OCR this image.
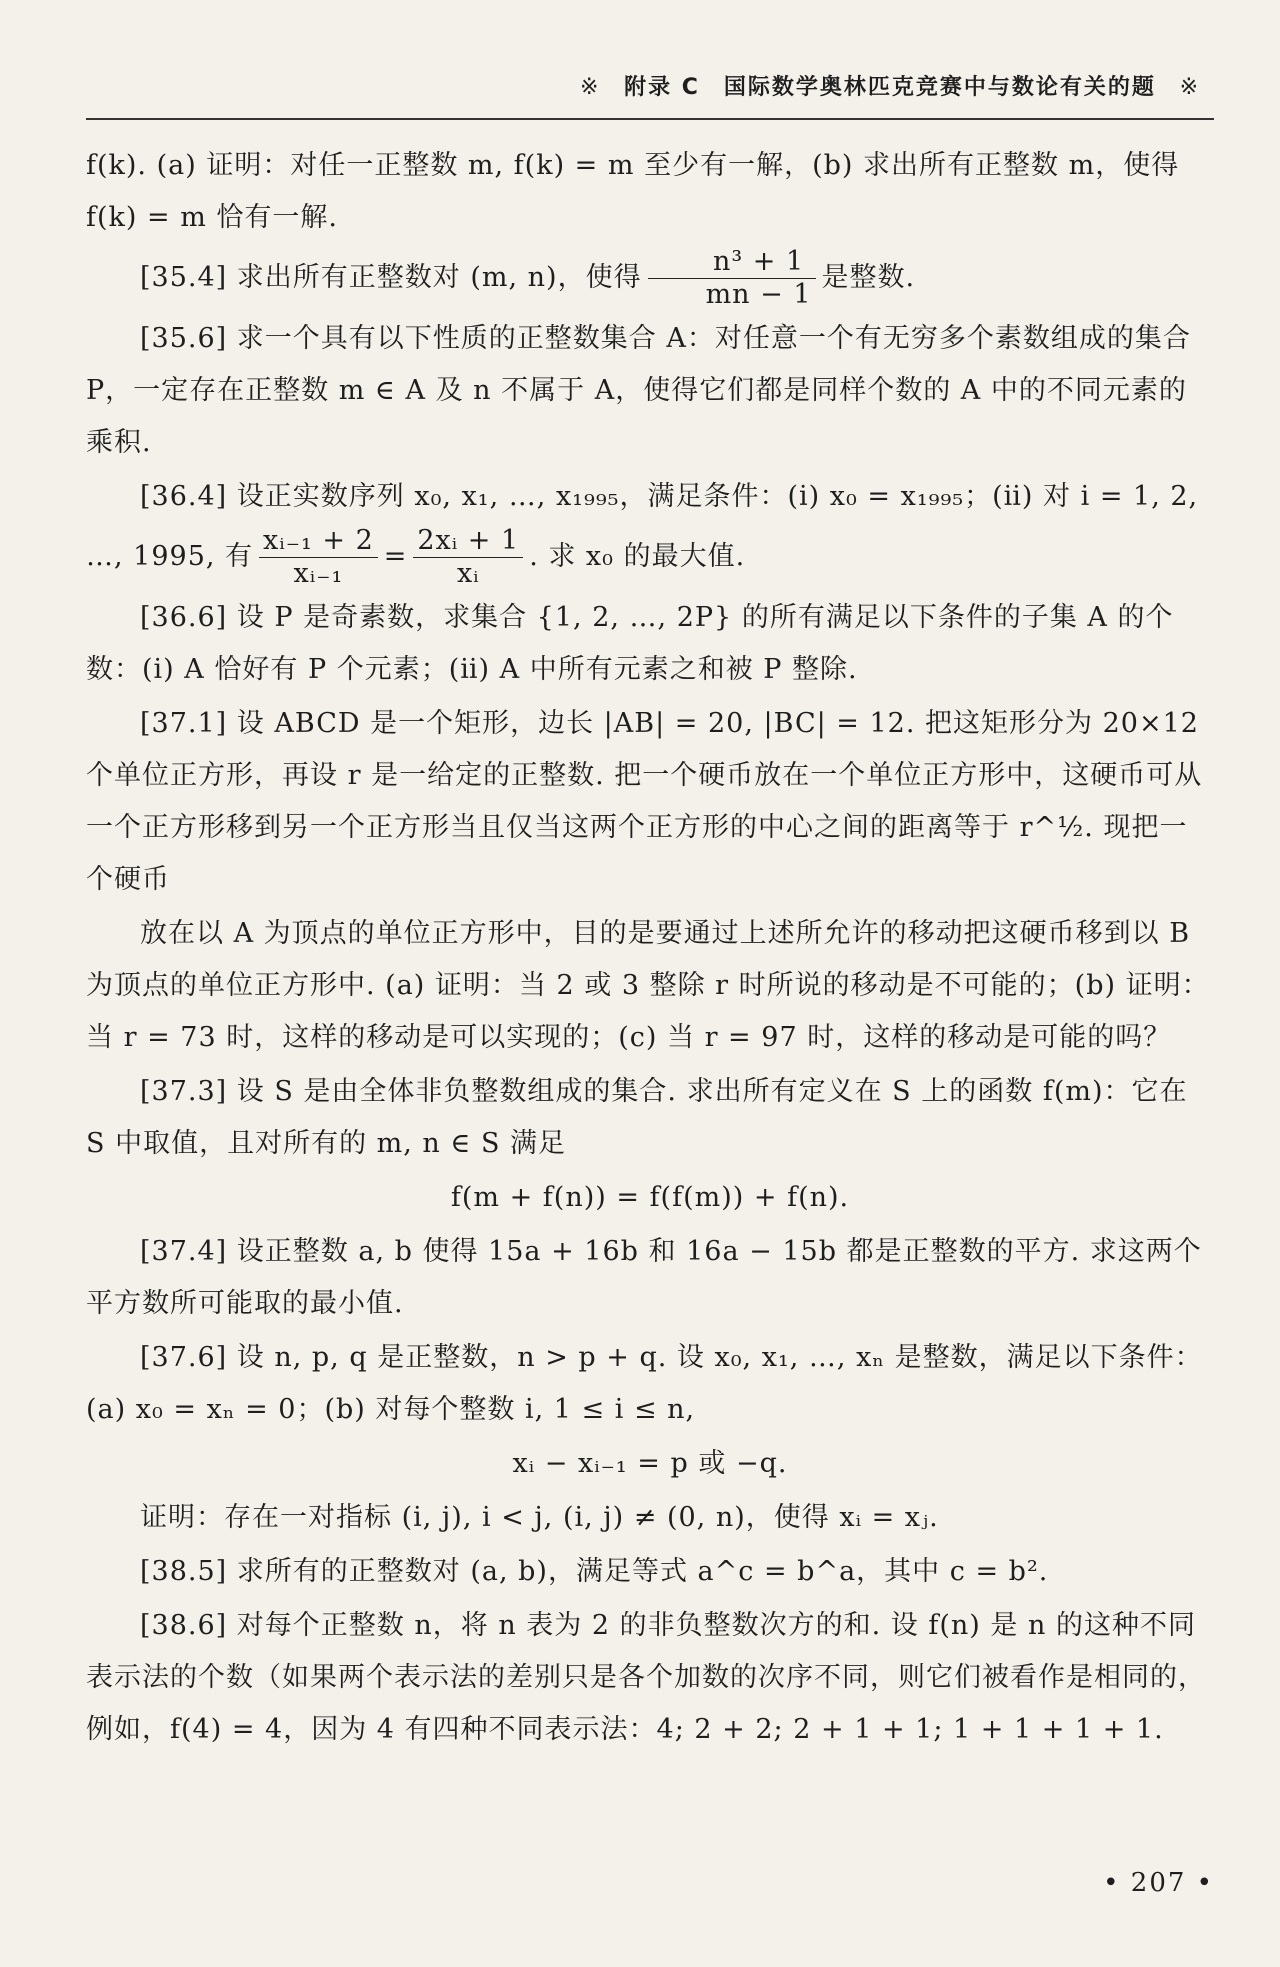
※ 附录 C　国际数学奥林匹克竞赛中与数论有关的题 ※

f(k). (a) 证明：对任一正整数 m, f(k) = m 至少有一解，(b) 求出所有正整数 m，使得 f(k) = m 恰有一解.

[35.4] 求出所有正整数对 (m, n)，使得 $\frac{\text{n³ + 1}}{mn - 1}$ 是整数.

[35.6] 求一个具有以下性质的正整数集合 A：对任意一个有无穷多个素数组成的集合 P，一定存在正整数 m ∈ A 及 n 不属于 A，使得它们都是同样个数的 A 中的不同元素的乘积.

[36.4] 设正实数序列 x₀, x₁, …, x₁₉₉₅，满足条件：(ⅰ) x₀ = x₁₉₉₅；(ⅱ) 对 i = 1, 2,

…, 1995, 有 $\frac{\text{xᵢ₋₁ + 2}}{\text{xᵢ₋₁}} = \frac{\text{2xᵢ + 1}}{\text{xᵢ}}$ . 求 x₀ 的最大值.

[36.6] 设 P 是奇素数，求集合 {1, 2, …, 2P} 的所有满足以下条件的子集 A 的个数：(ⅰ) A 恰好有 P 个元素；(ⅱ) A 中所有元素之和被 P 整除.

[37.1] 设 ABCD 是一个矩形，边长 |AB| = 20, |BC| = 12. 把这矩形分为 20×12 个单位正方形，再设 r 是一给定的正整数. 把一个硬币放在一个单位正方形中，这硬币可从一个正方形移到另一个正方形当且仅当这两个正方形的中心之间的距离等于 r^½. 现把一个硬币

放在以 A 为顶点的单位正方形中，目的是要通过上述所允许的移动把这硬币移到以 B 为顶点的单位正方形中. (a) 证明：当 2 或 3 整除 r 时所说的移动是不可能的；(b) 证明：当 r = 73 时，这样的移动是可以实现的；(c) 当 r = 97 时，这样的移动是可能的吗？

[37.3] 设 S 是由全体非负整数组成的集合. 求出所有定义在 S 上的函数 f(m)：它在 S 中取值，且对所有的 m, n ∈ S 满足

f(m + f(n)) = f(f(m)) + f(n).

[37.4] 设正整数 a, b 使得 15a + 16b 和 16a − 15b 都是正整数的平方. 求这两个平方数所可能取的最小值.

[37.6] 设 n, p, q 是正整数，n > p + q. 设 x₀, x₁, …, xₙ 是整数，满足以下条件：(a) x₀ = xₙ = 0；(b) 对每个整数 i, 1 ≤ i ≤ n,

xᵢ − xᵢ₋₁ = p 或 −q.

证明：存在一对指标 (i, j), i < j, (i, j) ≠ (0, n)，使得 xᵢ = xⱼ.

[38.5] 求所有的正整数对 (a, b)，满足等式 a^c = b^a，其中 c = b².

[38.6] 对每个正整数 n，将 n 表为 2 的非负整数次方的和. 设 f(n) 是 n 的这种不同表示法的个数（如果两个表示法的差别只是各个加数的次序不同，则它们被看作是相同的，例如，f(4) = 4，因为 4 有四种不同表示法：4; 2 + 2; 2 + 1 + 1; 1 + 1 + 1 + 1.

• 207 •
